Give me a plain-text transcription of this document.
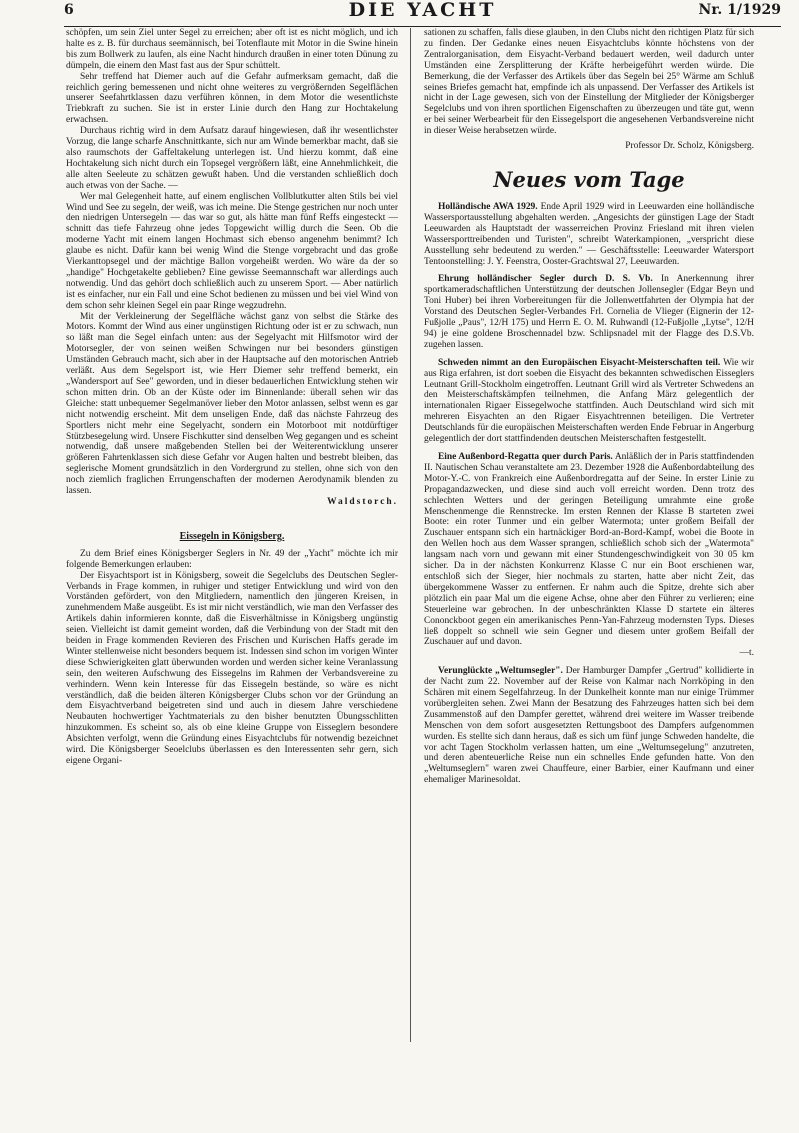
6	DIE YACHT	Nr. 1/1929

schöpfen, um sein Ziel unter Segel zu erreichen; aber oft ist es nicht möglich, und ich halte es z. B. für durchaus seemännisch, bei Totenflaute mit Motor in die Swine hinein bis zum Bollwerk zu laufen, als eine Nacht hindurch draußen in einer toten Dünung zu dümpeln, die einem den Mast fast aus der Spur schüttelt.

Sehr treffend hat Diemer auch auf die Gefahr aufmerksam gemacht, daß die reichlich gering bemessenen und nicht ohne weiteres zu vergrößernden Segelflächen unserer Seefahrtklassen dazu verführen können, in dem Motor die wesentlichste Triebkraft zu suchen. Sie ist in erster Linie durch den Hang zur Hochtakelung erwachsen.

Durchaus richtig wird in dem Aufsatz darauf hingewiesen, daß ihr wesentlichster Vorzug, die lange scharfe Anschnittkante, sich nur am Winde bemerkbar macht, daß sie also raumschots der Gaffeltakelung unterlegen ist. Und hierzu kommt, daß eine Hochtakelung sich nicht durch ein Topsegel vergrößern läßt, eine Annehmlichkeit, die alle alten Seeleute zu schätzen gewußt haben. Und die verstanden schließlich doch auch etwas von der Sache. —

Wer mal Gelegenheit hatte, auf einem englischen Vollblutkutter alten Stils bei viel Wind und See zu segeln, der weiß, was ich meine. Die Stenge gestrichen nur noch unter den niedrigen Untersegeln — das war so gut, als hätte man fünf Reffs eingesteckt — schnitt das tiefe Fahrzeug ohne jedes Topgewicht willig durch die Seen. Ob die moderne Yacht mit einem langen Hochmast sich ebenso angenehm benimmt? Ich glaube es nicht. Dafür kann bei wenig Wind die Stenge vorgebracht und das große Vierkanttopsegel und der mächtige Ballon vorgeheißt werden. Wo wäre da der so „handige" Hochgetakelte geblieben? Eine gewisse Seemannschaft war allerdings auch notwendig. Und das gehört doch schließlich auch zu unserem Sport. — Aber natürlich ist es einfacher, nur ein Fall und eine Schot bedienen zu müssen und bei viel Wind von dem schon sehr kleinen Segel ein paar Ringe wegzudrehn.

Mit der Verkleinerung der Segelfläche wächst ganz von selbst die Stärke des Motors. Kommt der Wind aus einer ungünstigen Richtung oder ist er zu schwach, nun so läßt man die Segel einfach unten: aus der Segelyacht mit Hilfsmotor wird der Motorsegler, der von seinen weißen Schwingen nur bei besonders günstigen Umständen Gebrauch macht, sich aber in der Hauptsache auf den motorischen Antrieb verläßt. Aus dem Segelsport ist, wie Herr Diemer sehr treffend bemerkt, ein „Wandersport auf See" geworden, und in dieser bedauerlichen Entwicklung stehen wir schon mitten drin. Ob an der Küste oder im Binnenlande: überall sehen wir das Gleiche: statt unbequemer Segelmanöver lieber den Motor anlassen, selbst wenn es gar nicht notwendig erscheint. Mit dem unseligen Ende, daß das nächste Fahrzeug des Sportlers nicht mehr eine Segelyacht, sondern ein Motorboot mit notdürftiger Stützbesegelung wird. Unsere Fischkutter sind denselben Weg gegangen und es scheint notwendig, daß unsere maßgebenden Stellen bei der Weiterentwicklung unserer größeren Fahrtenklassen sich diese Gefahr vor Augen halten und bestrebt bleiben, das seglerische Moment grundsätzlich in den Vordergrund zu stellen, ohne sich von den noch ziemlich fraglichen Errungenschaften der modernen Aerodynamik blenden zu lassen.

Waldstorch.

Eissegeln in Königsberg.

Zu dem Brief eines Königsberger Seglers in Nr. 49 der „Yacht" möchte ich mir folgende Bemerkungen erlauben:

Der Eisyachtsport ist in Königsberg, soweit die Segelclubs des Deutschen Segler-Verbands in Frage kommen, in ruhiger und stetiger Entwicklung und wird von den Vorständen gefördert, von den Mitgliedern, namentlich den jüngeren Kreisen, in zunehmendem Maße ausgeübt. Es ist mir nicht verständlich, wie man den Verfasser des Artikels dahin informieren konnte, daß die Eisverhältnisse in Königsberg ungünstig seien. Vielleicht ist damit gemeint worden, daß die Verbindung von der Stadt mit den beiden in Frage kommenden Revieren des Frischen und Kurischen Haffs gerade im Winter stellenweise nicht besonders bequem ist. Indessen sind schon im vorigen Winter diese Schwierigkeiten glatt überwunden worden und werden sicher keine Veranlassung sein, den weiteren Aufschwung des Eissegelns im Rahmen der Verbandsvereine zu verhindern. Wenn kein Interesse für das Eissegeln bestände, so wäre es nicht verständlich, daß die beiden älteren Königsberger Clubs schon vor der Gründung an dem Eisyachtverband beigetreten sind und auch in diesem Jahre verschiedene Neubauten hochwertiger Yachtmaterials zu den bisher benutzten Übungsschlitten hinzukommen. Es scheint so, als ob eine kleine Gruppe von Eisseglern besondere Absichten verfolgt, wenn die Gründung eines Eisyachtclubs für notwendig bezeichnet wird. Die Königsberger Seoelclubs überlassen es den Interessenten sehr gern, sich eigene Organi-

sationen zu schaffen, falls diese glauben, in den Clubs nicht den richtigen Platz für sich zu finden. Der Gedanke eines neuen Eisyachtclubs könnte höchstens von der Zentralorganisation, dem Eisyacht-Verband bedauert werden, weil dadurch unter Umständen eine Zersplitterung der Kräfte herbeigeführt werden würde. Die Bemerkung, die der Verfasser des Artikels über das Segeln bei 25° Wärme am Schluß seines Briefes gemacht hat, empfinde ich als unpassend. Der Verfasser des Artikels ist nicht in der Lage gewesen, sich von der Einstellung der Mitglieder der Königsberger Segelclubs und von ihren sportlichen Eigenschaften zu überzeugen und täte gut, wenn er bei seiner Werbearbeit für den Eissegelsport die angesehenen Verbandsvereine nicht in dieser Weise herabsetzen würde.

Professor Dr. Scholz, Königsberg.

Neues vom Tage

Holländische AWA 1929. Ende April 1929 wird in Leeuwarden eine holländische Wassersportausstellung abgehalten werden. „Angesichts der günstigen Lage der Stadt Leeuwarden als Hauptstadt der wasserreichen Provinz Friesland mit ihren vielen Wassersporttreibenden und Turisten", schreibt Waterkampionen, „verspricht diese Ausstellung sehr bedeutend zu werden." — Geschäftsstelle: Leeuwarder Watersport Tentoonstelling: J. Y. Feenstra, Ooster-Grachtswal 27, Leeuwarden.

Ehrung holländischer Segler durch D. S. Vb. In Anerkennung ihrer sportkameradschaftlichen Unterstützung der deutschen Jollensegler (Edgar Beyn und Toni Huber) bei ihren Vorbereitungen für die Jollenwettfahrten der Olympia hat der Vorstand des Deutschen Segler-Verbandes Frl. Cornelia de Vlieger (Eignerin der 12-Fußjolle „Paus", 12/H 175) und Herrn E. O. M. Ruhwandl (12-Fußjolle „Lytse", 12/H 94) je eine goldene Broschennadel bzw. Schlipsnadel mit der Flagge des D.S.Vb. zugehen lassen.

Schweden nimmt an den Europäischen Eisyacht-Meisterschaften teil. Wie wir aus Riga erfahren, ist dort soeben die Eisyacht des bekannten schwedischen Eisseglers Leutnant Grill-Stockholm eingetroffen. Leutnant Grill wird als Vertreter Schwedens an den Meisterschaftskämpfen teilnehmen, die Anfang März gelegentlich der internationalen Rigaer Eissegelwoche stattfinden. Auch Deutschland wird sich mit mehreren Eisyachten an den Rigaer Eisyachtrennen beteiligen. Die Vertreter Deutschlands für die europäischen Meisterschaften werden Ende Februar in Angerburg gelegentlich der dort stattfindenden deutschen Meisterschaften festgestellt.

Eine Außenbord-Regatta quer durch Paris. Anläßlich der in Paris stattfindenden II. Nautischen Schau veranstaltete am 23. Dezember 1928 die Außenbordabteilung des Motor-Y.-C. von Frankreich eine Außenbordregatta auf der Seine. In erster Linie zu Propagandazwecken, und diese sind auch voll erreicht worden. Denn trotz des schlechten Wetters und der geringen Beteiligung umrahmte eine große Menschenmenge die Rennstrecke. Im ersten Rennen der Klasse B starteten zwei Boote: ein roter Tunmer und ein gelber Watermota; unter großem Beifall der Zuschauer entspann sich ein hartnäckiger Bord-an-Bord-Kampf, wobei die Boote in den Wellen hoch aus dem Wasser sprangen, schließlich schob sich der „Watermota" langsam nach vorn und gewann mit einer Stundengeschwindigkeit von 30 05 km sicher. Da in der nächsten Konkurrenz Klasse C nur ein Boot erschienen war, entschloß sich der Sieger, hier nochmals zu starten, hatte aber nicht Zeit, das übergekommene Wasser zu entfernen. Er nahm auch die Spitze, drehte sich aber plötzlich ein paar Mal um die eigene Achse, ohne aber den Führer zu verlieren; eine Steuerleine war gebrochen. In der unbeschränkten Klasse D startete ein älteres Cononckboot gegen ein amerikanisches Penn-Yan-Fahrzeug modernsten Typs. Dieses ließ doppelt so schnell wie sein Gegner und diesem unter großem Beifall der Zuschauer auf und davon.

—t.

Verunglückte „Weltumsegler". Der Hamburger Dampfer „Gertrud" kollidierte in der Nacht zum 22. November auf der Reise von Kalmar nach Norrköping in den Schären mit einem Segelfahrzeug. In der Dunkelheit konnte man nur einige Trümmer vorübergleiten sehen. Zwei Mann der Besatzung des Fahrzeuges hatten sich bei dem Zusammenstoß auf den Dampfer gerettet, während drei weitere im Wasser treibende Menschen von dem sofort ausgesetzten Rettungsboot des Dampfers aufgenommen wurden. Es stellte sich dann heraus, daß es sich um fünf junge Schweden handelte, die vor acht Tagen Stockholm verlassen hatten, um eine „Weltumsegelung" anzutreten, und deren abenteuerliche Reise nun ein schnelles Ende gefunden hatte. Von den „Weltumseglern" waren zwei Chauffeure, einer Barbier, einer Kaufmann und einer ehemaliger Marinesoldat.
